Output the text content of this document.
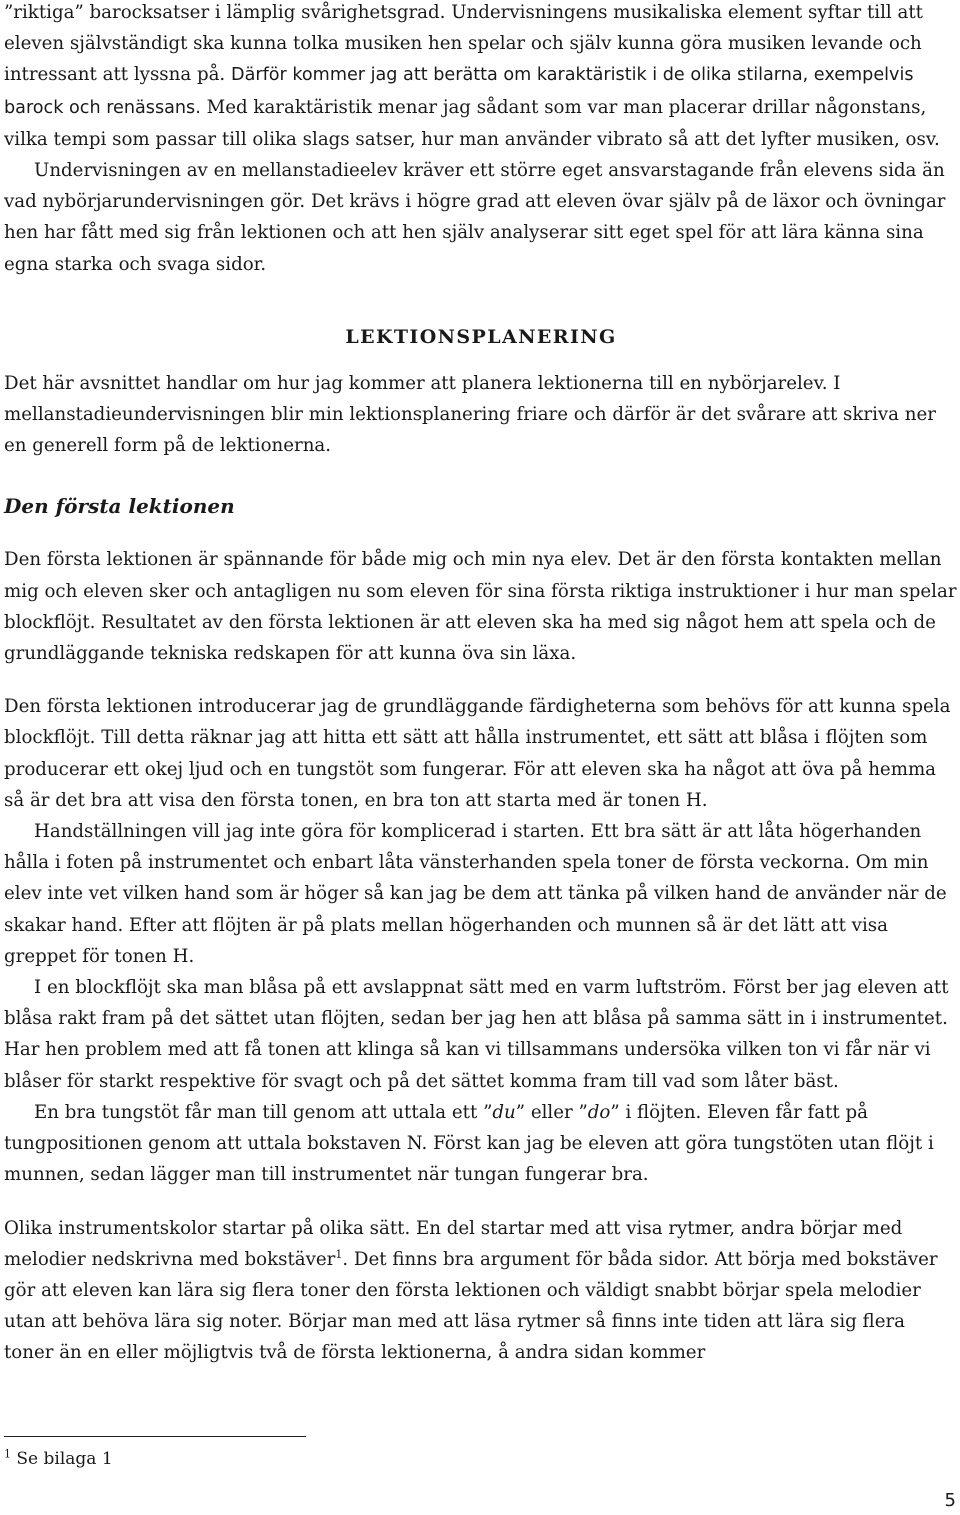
”riktiga” barocksatser i lämplig svårighetsgrad. Undervisningens musikaliska element syftar till att eleven självständigt ska kunna tolka musiken hen spelar och själv kunna göra musiken levande och intressant att lyssna på. Därför kommer jag att berätta om karaktäristik i de olika stilarna, exempelvis barock och renässans. Med karaktäristik menar jag sådant som var man placerar drillar någonstans, vilka tempi som passar till olika slags satser, hur man använder vibrato så att det lyfter musiken, osv.

Undervisningen av en mellanstadieelev kräver ett större eget ansvarstagande från elevens sida än vad nybörjarundervisningen gör. Det krävs i högre grad att eleven övar själv på de läxor och övningar hen har fått med sig från lektionen och att hen själv analyserar sitt eget spel för att lära känna sina egna starka och svaga sidor.

LEKTIONSPLANERING

Det här avsnittet handlar om hur jag kommer att planera lektionerna till en nybörjarelev. I mellanstadieundervisningen blir min lektionsplanering friare och därför är det svårare att skriva ner en generell form på de lektionerna.

Den första lektionen

Den första lektionen är spännande för både mig och min nya elev. Det är den första kontakten mellan mig och eleven sker och antagligen nu som eleven för sina första riktiga instruktioner i hur man spelar blockflöjt. Resultatet av den första lektionen är att eleven ska ha med sig något hem att spela och de grundläggande tekniska redskapen för att kunna öva sin läxa.

Den första lektionen introducerar jag de grundläggande färdigheterna som behövs för att kunna spela blockflöjt. Till detta räknar jag att hitta ett sätt att hålla instrumentet, ett sätt att blåsa i flöjten som producerar ett okej ljud och en tungstöt som fungerar. För att eleven ska ha något att öva på hemma så är det bra att visa den första tonen, en bra ton att starta med är tonen H.

Handställningen vill jag inte göra för komplicerad i starten. Ett bra sätt är att låta högerhanden hålla i foten på instrumentet och enbart låta vänsterhanden spela toner de första veckorna. Om min elev inte vet vilken hand som är höger så kan jag be dem att tänka på vilken hand de använder när de skakar hand. Efter att flöjten är på plats mellan högerhanden och munnen så är det lätt att visa greppet för tonen H.

I en blockflöjt ska man blåsa på ett avslappnat sätt med en varm luftström. Först ber jag eleven att blåsa rakt fram på det sättet utan flöjten, sedan ber jag hen att blåsa på samma sätt in i instrumentet. Har hen problem med att få tonen att klinga så kan vi tillsammans undersöka vilken ton vi får när vi blåser för starkt respektive för svagt och på det sättet komma fram till vad som låter bäst.

En bra tungstöt får man till genom att uttala ett ”du” eller ”do” i flöjten. Eleven får fatt på tungpositionen genom att uttala bokstaven N. Först kan jag be eleven att göra tungstöten utan flöjt i munnen, sedan lägger man till instrumentet när tungan fungerar bra.

Olika instrumentskolor startar på olika sätt. En del startar med att visa rytmer, andra börjar med melodier nedskrivna med bokstäver$^1$. Det finns bra argument för båda sidor. Att börja med bokstäver gör att eleven kan lära sig flera toner den första lektionen och väldigt snabbt börjar spela melodier utan att behöva lära sig noter. Börjar man med att läsa rytmer så finns inte tiden att lära sig flera toner än en eller möjligtvis två de första lektionerna, å andra sidan kommer

$^1$ Se bilaga 1
5
